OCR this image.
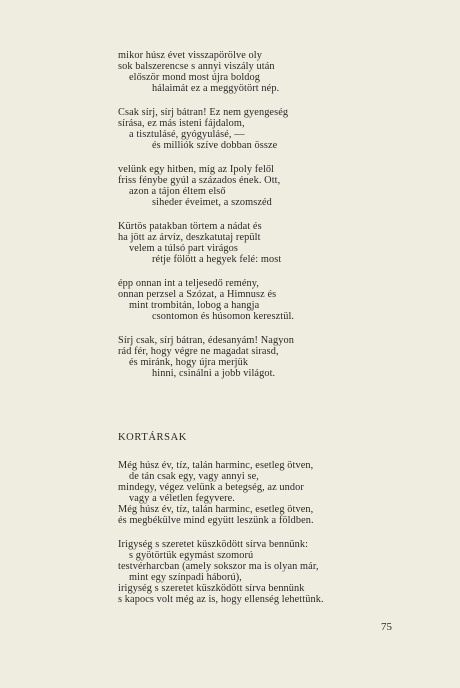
mikor húsz évet visszapörölve oly
sok balszerencse s annyi viszály után
először mond most újra boldog
hálaimát ez a meggyötört nép.
Csak sírj, sírj bátran! Ez nem gyengeség
sírása, ez más isteni fájdalom,
a tisztulásé, gyógyulásé, —
és milliók szíve dobban össze
velünk egy hitben, míg az Ipoly felől
friss fénybe gyúl a százados ének. Ott,
azon a tájon éltem első
siheder éveimet, a szomszéd
Kürtös patakban törtem a nádat és
ha jött az árvíz, deszkatutaj repült
velem a túlsó part virágos
rétje fölött a hegyek felé: most
épp onnan int a teljesedő remény,
onnan perzsel a Szózat, a Himnusz és
mint trombitán, lobog a hangja
csontomon és húsomon keresztül.
Sírj csak, sírj bátran, édesanyám! Nagyon
rád fér, hogy végre ne magadat sirasd,
és miránk, hogy újra merjük
hinni, csinálni a jobb világot.
KORTÁRSAK
Még húsz év, tíz, talán harminc, esetleg ötven,
de tán csak egy, vagy annyi se,
mindegy, végez velünk a betegség, az undor
vagy a véletlen fegyvere.
Még húsz év, tíz, talán harminc, esetleg ötven,
és megbékülve mind együtt leszünk a földben.
Irigység s szeretet küszködött sírva bennünk:
s gyötörtük egymást szomorú
testvérharcban (amely sokszor ma is olyan már,
mint egy színpadi háború),
irigység s szeretet küszködött sírva bennünk
s kapocs volt még az is, hogy ellenség lehettünk.
75
